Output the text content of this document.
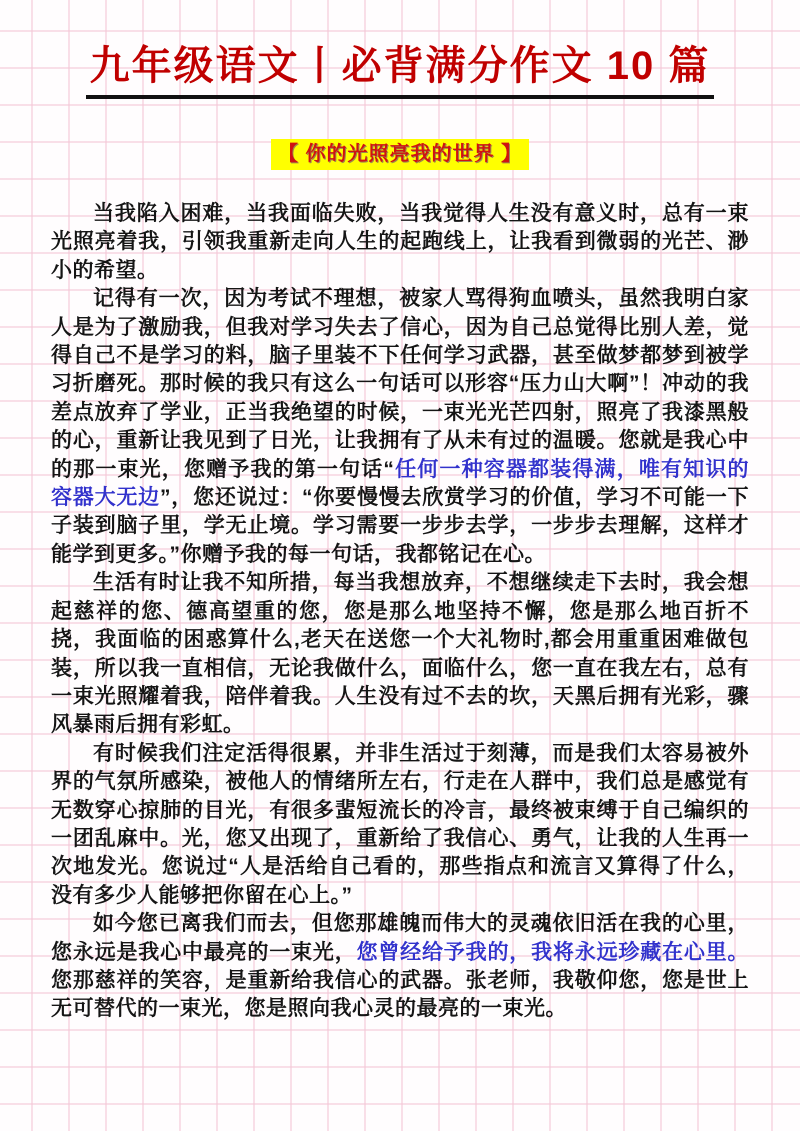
九年级语文丨必背满分作文 10 篇
【 你的光照亮我的世界 】

当我陷入困难，当我面临失败，当我觉得人生没有意义时，总有一束光照亮着我，引领我重新走向人生的起跑线上，让我看到微弱的光芒、渺小的希望。

记得有一次，因为考试不理想，被家人骂得狗血喷头，虽然我明白家人是为了激励我，但我对学习失去了信心，因为自己总觉得比别人差，觉得自己不是学习的料，脑子里装不下任何学习武器，甚至做梦都梦到被学习折磨死。那时候的我只有这么一句话可以形容“压力山大啊”！冲动的我差点放弃了学业，正当我绝望的时候，一束光光芒四射，照亮了我漆黑般的心，重新让我见到了日光，让我拥有了从未有过的温暖。您就是我心中的那一束光，您赠予我的第一句话“任何一种容器都装得满，唯有知识的容器大无边”，您还说过：“你要慢慢去欣赏学习的价值，学习不可能一下子装到脑子里，学无止境。学习需要一步步去学，一步步去理解，这样才能学到更多。”你赠予我的每一句话，我都铭记在心。

生活有时让我不知所措，每当我想放弃，不想继续走下去时，我会想起慈祥的您、德高望重的您，您是那么地坚持不懈，您是那么地百折不挠，我面临的困惑算什么,老天在送您一个大礼物时,都会用重重困难做包装，所以我一直相信，无论我做什么，面临什么，您一直在我左右，总有一束光照耀着我，陪伴着我。人生没有过不去的坎，天黑后拥有光彩，骤风暴雨后拥有彩虹。

有时候我们注定活得很累，并非生活过于刻薄，而是我们太容易被外界的气氛所感染，被他人的情绪所左右，行走在人群中，我们总是感觉有无数穿心掠肺的目光，有很多蜚短流长的冷言，最终被束缚于自己编织的一团乱麻中。光，您又出现了，重新给了我信心、勇气，让我的人生再一次地发光。您说过“人是活给自己看的，那些指点和流言又算得了什么，没有多少人能够把你留在心上。”

如今您已离我们而去，但您那雄魄而伟大的灵魂依旧活在我的心里，您永远是我心中最亮的一束光，您曾经给予我的，我将永远珍藏在心里。您那慈祥的笑容，是重新给我信心的武器。张老师，我敬仰您，您是世上无可替代的一束光，您是照向我心灵的最亮的一束光。
